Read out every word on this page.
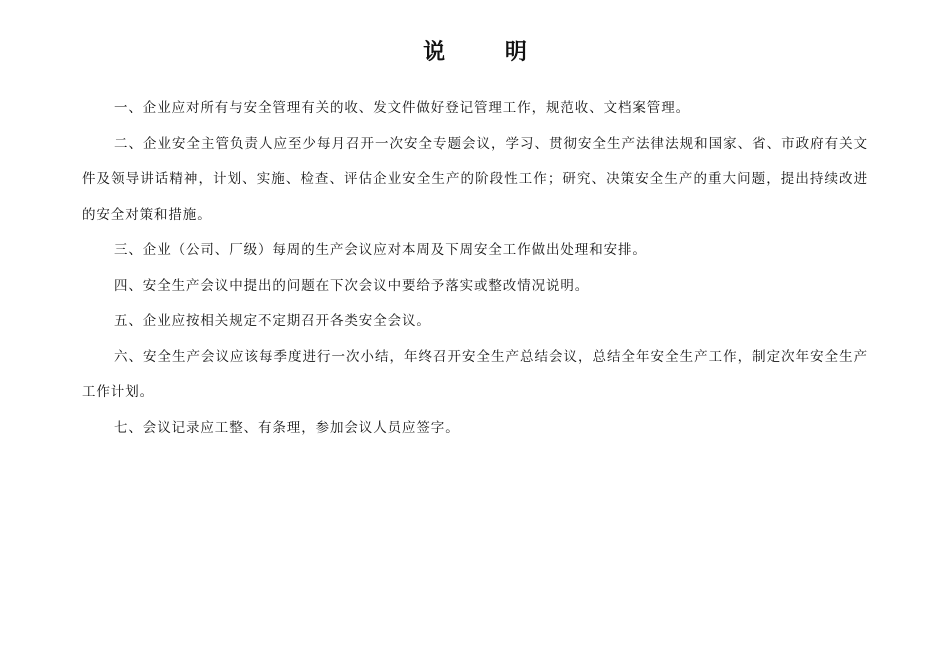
说 明

一、企业应对所有与安全管理有关的收、发文件做好登记管理工作，规范收、文档案管理。

二、企业安全主管负责人应至少每月召开一次安全专题会议，学习、贯彻安全生产法律法规和国家、省、市政府有关文件及领导讲话精神，计划、实施、检查、评估企业安全生产的阶段性工作；研究、决策安全生产的重大问题，提出持续改进的安全对策和措施。

三、企业（公司、厂级）每周的生产会议应对本周及下周安全工作做出处理和安排。

四、安全生产会议中提出的问题在下次会议中要给予落实或整改情况说明。

五、企业应按相关规定不定期召开各类安全会议。

六、安全生产会议应该每季度进行一次小结，年终召开安全生产总结会议，总结全年安全生产工作，制定次年安全生产工作计划。

七、会议记录应工整、有条理，参加会议人员应签字。
